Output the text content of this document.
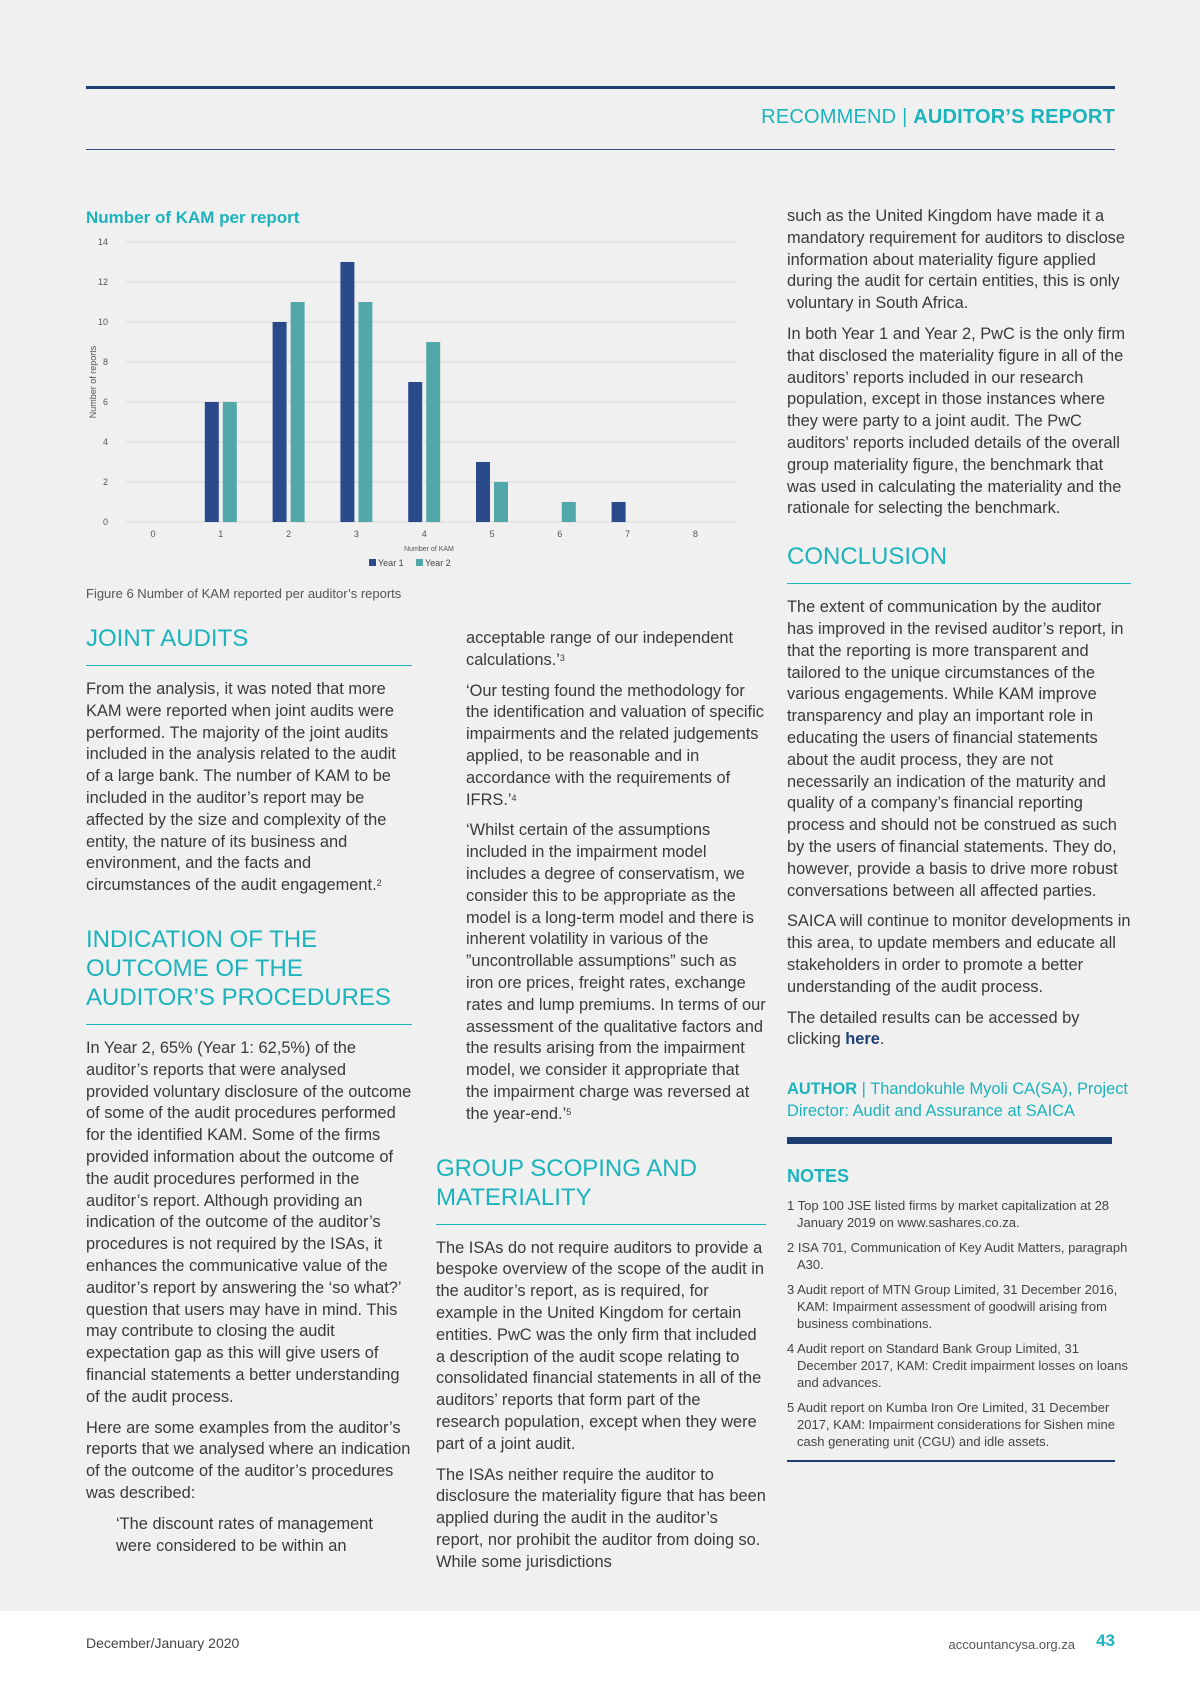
RECOMMEND | AUDITOR’S REPORT
Number of KAM per report
0
2
4
6
8
10
12
14
0	1	2	3	4	5	6	7	8
Number of KAM
Number of reports
Year 1 Year 2
Figure 6 Number of KAM reported per auditor’s reports
JOINT AUDITS

From the analysis, it was noted that more KAM were reported when joint audits were performed. The majority of the joint audits included in the analysis related to the audit of a large bank. The number of KAM to be included in the auditor’s report may be affected by the size and complexity of the entity, the nature of its business and environment, and the facts and circumstances of the audit engagement.$^2$

INDICATION OF THE OUTCOME OF THE AUDITOR’S PROCEDURES

In Year 2, 65% (Year 1: 62,5%) of the auditor’s reports that were analysed provided voluntary disclosure of the outcome of some of the audit procedures performed for the identified KAM. Some of the firms provided information about the outcome of the audit procedures performed in the auditor’s report. Although providing an indication of the outcome of the auditor’s procedures is not required by the ISAs, it enhances the communicative value of the auditor’s report by answering the ‘so what?’ question that users may have in mind. This may contribute to closing the audit expectation gap as this will give users of financial statements a better understanding of the audit process.

Here are some examples from the auditor’s reports that we analysed where an indication of the outcome of the auditor’s procedures was described:

‘The discount rates of management were considered to be within an

acceptable range of our independent calculations.’$^3$

‘Our testing found the methodology for the identification and valuation of specific impairments and the related judgements applied, to be reasonable and in accordance with the requirements of IFRS.’$^4$

‘Whilst certain of the assumptions included in the impairment model includes a degree of conservatism, we consider this to be appropriate as the model is a long-term model and there is inherent volatility in various of the ”uncontrollable assumptions” such as iron ore prices, freight rates, exchange rates and lump premiums. In terms of our assessment of the qualitative factors and the results arising from the impairment model, we consider it appropriate that the impairment charge was reversed at the year-end.’$^5$

GROUP SCOPING AND MATERIALITY

The ISAs do not require auditors to provide a bespoke overview of the scope of the audit in the auditor’s report, as is required, for example in the United Kingdom for certain entities. PwC was the only firm that included a description of the audit scope relating to consolidated financial statements in all of the auditors’ reports that form part of the research population, except when they were part of a joint audit.

The ISAs neither require the auditor to disclosure the materiality figure that has been applied during the audit in the auditor’s report, nor prohibit the auditor from doing so. While some jurisdictions

such as the United Kingdom have made it a mandatory requirement for auditors to disclose information about materiality figure applied during the audit for certain entities, this is only voluntary in South Africa.

In both Year 1 and Year 2, PwC is the only firm that disclosed the materiality figure in all of the auditors’ reports included in our research population, except in those instances where they were party to a joint audit. The PwC auditors’ reports included details of the overall group materiality figure, the benchmark that was used in calculating the materiality and the rationale for selecting the benchmark.

CONCLUSION

The extent of communication by the auditor has improved in the revised auditor’s report, in that the reporting is more transparent and tailored to the unique circumstances of the various engagements. While KAM improve transparency and play an important role in educating the users of financial statements about the audit process, they are not necessarily an indication of the maturity and quality of a company’s financial reporting process and should not be construed as such by the users of financial statements. They do, however, provide a basis to drive more robust conversations between all affected parties.

SAICA will continue to monitor developments in this area, to update members and educate all stakeholders in order to promote a better understanding of the audit process.

The detailed results can be accessed by clicking here.

AUTHOR | Thandokuhle Myoli CA(SA), Project Director: Audit and Assurance at SAICA

NOTES
1 Top 100 JSE listed firms by market capitalization at 28 January 2019 on www.sashares.co.za.
2 ISA 701, Communication of Key Audit Matters, paragraph A30.
3 Audit report of MTN Group Limited, 31 December 2016, KAM: Impairment assessment of goodwill arising from business combinations.
4 Audit report on Standard Bank Group Limited, 31 December 2017, KAM: Credit impairment losses on loans and advances.
5 Audit report on Kumba Iron Ore Limited, 31 December 2017, KAM: Impairment considerations for Sishen mine cash generating unit (CGU) and idle assets.
December/January 2020	accountancysa.org.za 43
